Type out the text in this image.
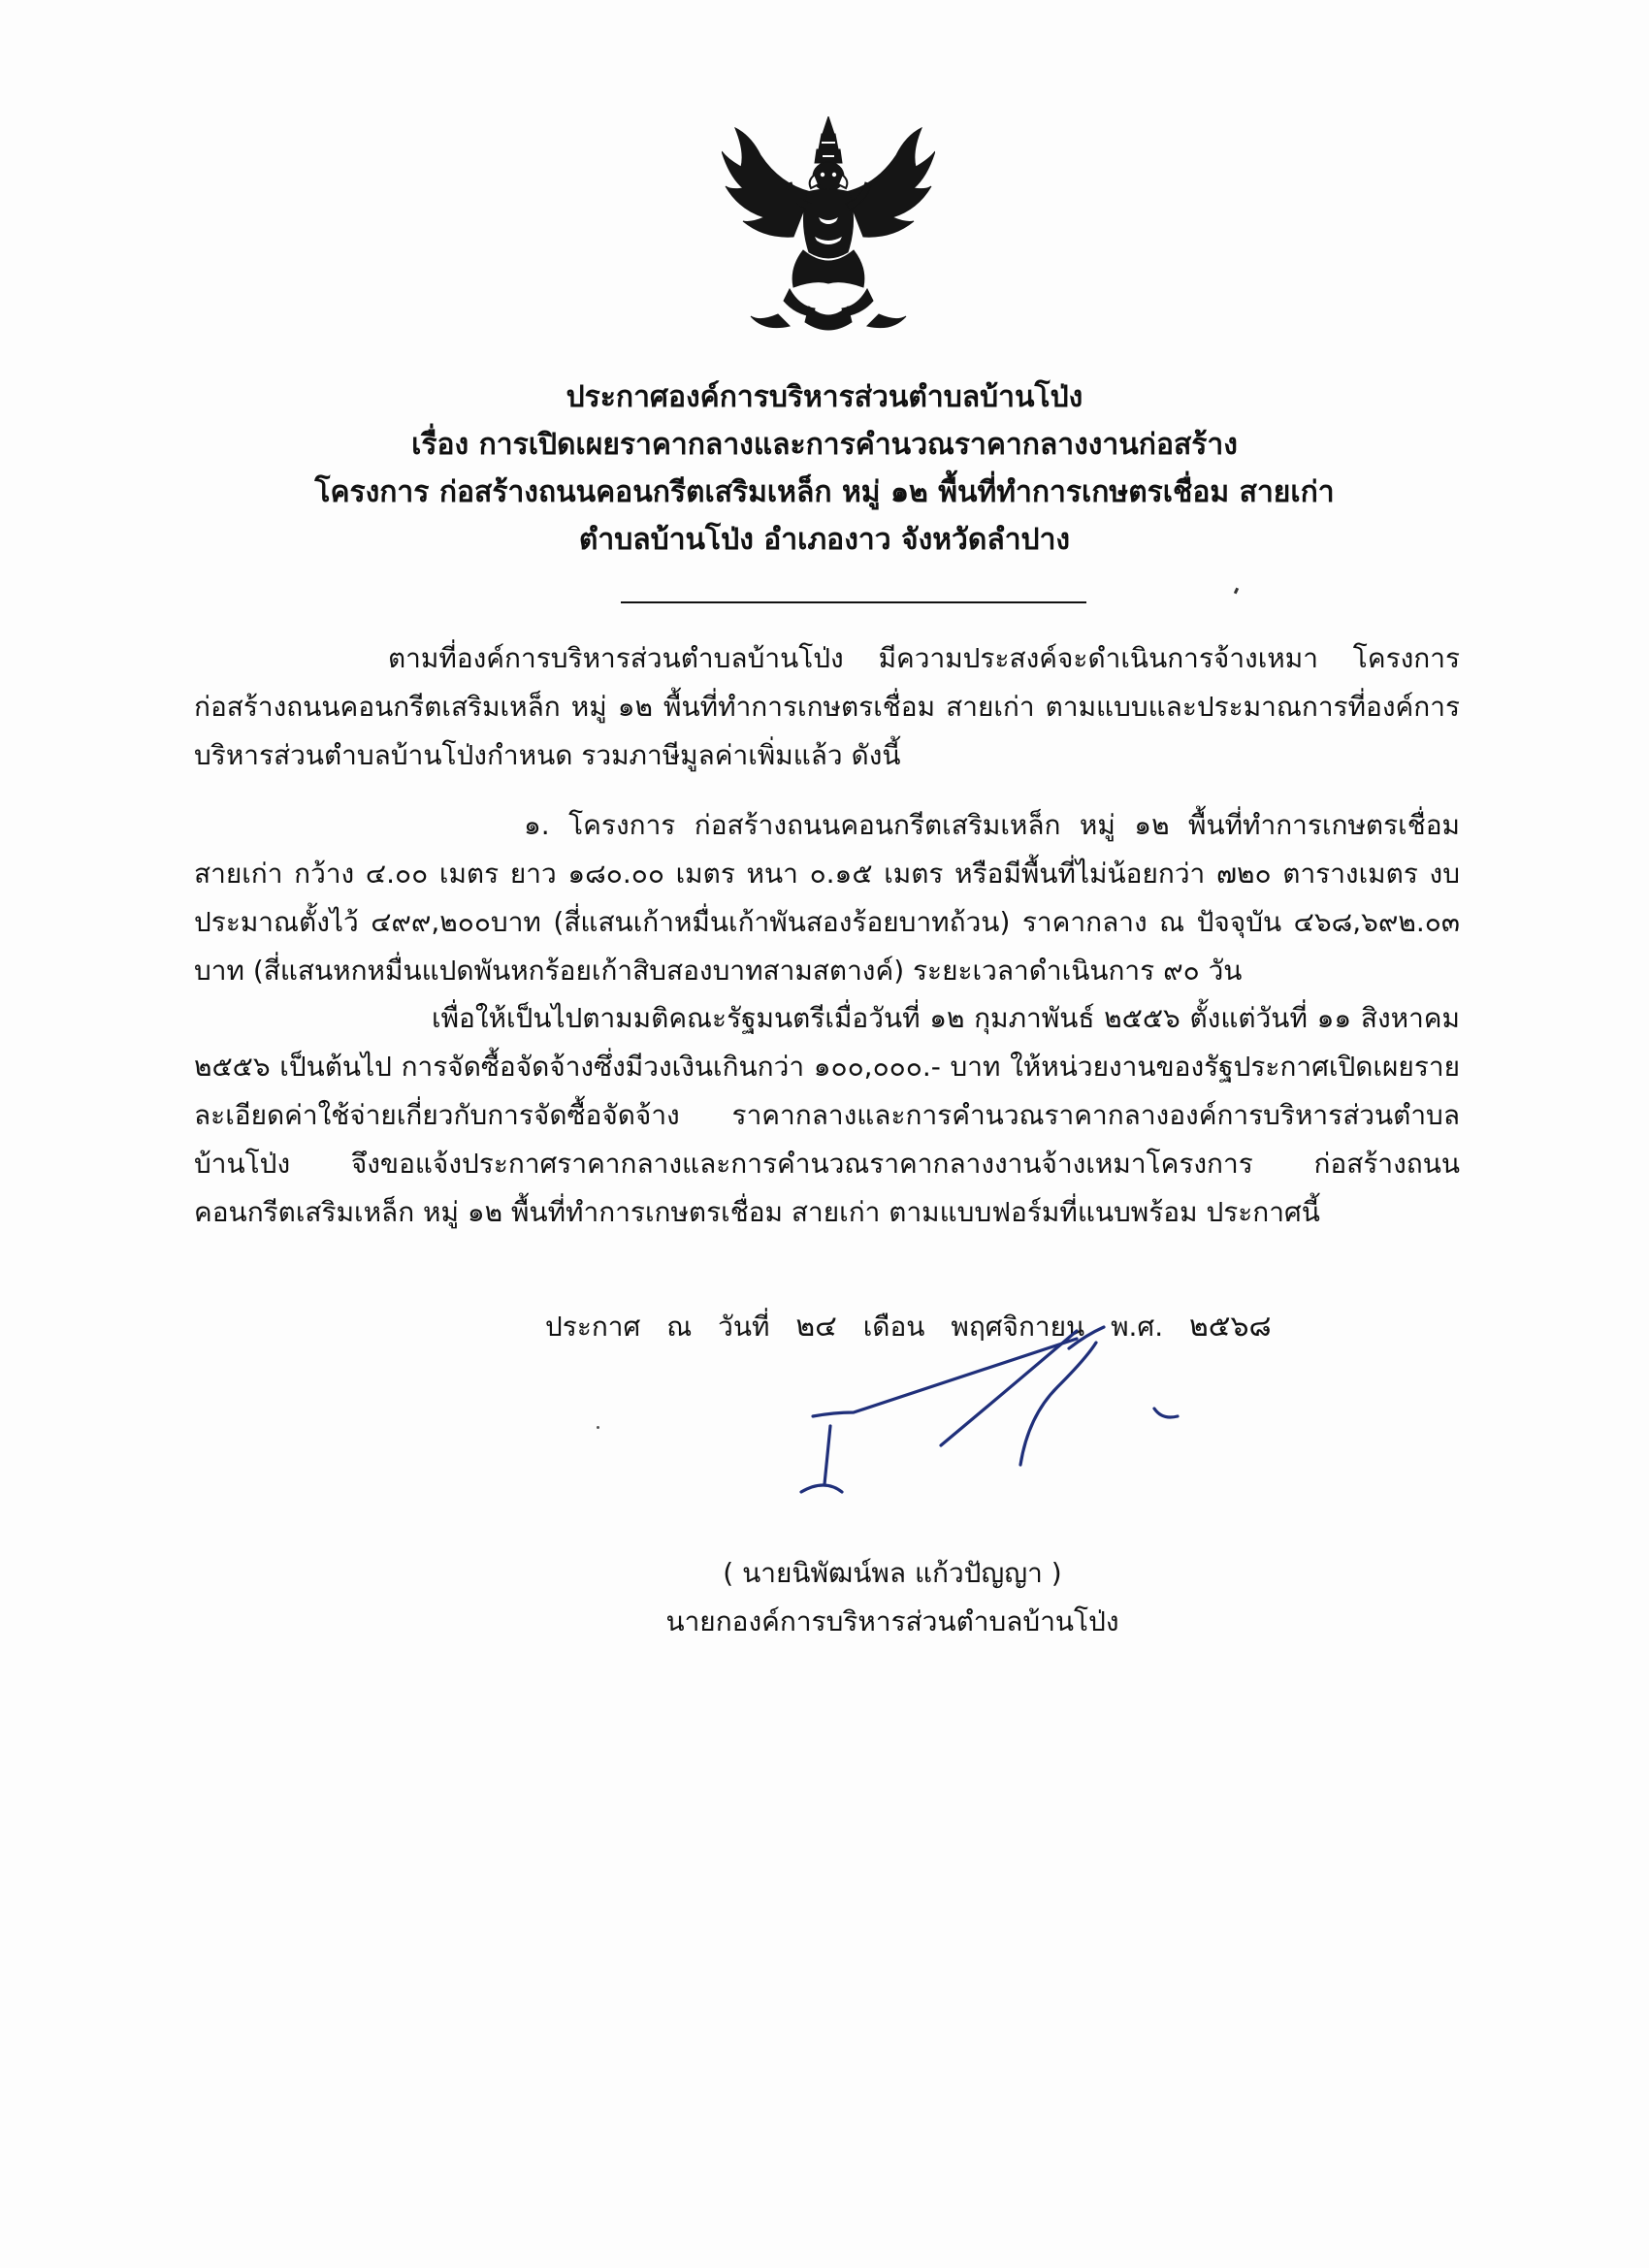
ประกาศองค์การบริหารส่วนตำบลบ้านโป่ง
เรื่อง การเปิดเผยราคากลางและการคำนวณราคากลางงานก่อสร้าง
โครงการ ก่อสร้างถนนคอนกรีตเสริมเหล็ก หมู่ ๑๒ พื้นที่ทำการเกษตรเชื่อม สายเก่า
ตำบลบ้านโป่ง อำเภองาว จังหวัดลำปาง
ตามที่องค์การบริหารส่วนตำบลบ้านโป่ง มีความประสงค์จะดำเนินการจ้างเหมา โครงการ ก่อสร้างถนนคอนกรีตเสริมเหล็ก หมู่ ๑๒ พื้นที่ทำการเกษตรเชื่อม สายเก่า ตามแบบและประมาณการที่องค์การบริหารส่วนตำบลบ้านโป่งกำหนด รวมภาษีมูลค่าเพิ่มแล้ว ดังนี้
๑. โครงการ ก่อสร้างถนนคอนกรีตเสริมเหล็ก หมู่ ๑๒ พื้นที่ทำการเกษตรเชื่อม สายเก่า กว้าง ๔.๐๐ เมตร ยาว ๑๘๐.๐๐ เมตร หนา ๐.๑๕ เมตร หรือมีพื้นที่ไม่น้อยกว่า ๗๒๐ ตารางเมตร งบประมาณตั้งไว้ ๔๙๙,๒๐๐บาท (สี่แสนเก้าหมื่นเก้าพันสองร้อยบาทถ้วน) ราคากลาง ณ ปัจจุบัน ๔๖๘,๖๙๒.๐๓ บาท (สี่แสนหกหมื่นแปดพันหกร้อยเก้าสิบสองบาทสามสตางค์) ระยะเวลาดำเนินการ ๙๐ วัน
เพื่อให้เป็นไปตามมติคณะรัฐมนตรีเมื่อวันที่ ๑๒ กุมภาพันธ์ ๒๕๕๖ ตั้งแต่วันที่ ๑๑ สิงหาคม ๒๕๕๖ เป็นต้นไป การจัดซื้อจัดจ้างซึ่งมีวงเงินเกินกว่า ๑๐๐,๐๐๐.- บาท ให้หน่วยงานของรัฐประกาศเปิดเผยรายละเอียดค่าใช้จ่ายเกี่ยวกับการจัดซื้อจัดจ้าง ราคากลางและการคำนวณราคากลางองค์การบริหารส่วนตำบลบ้านโป่ง จึงขอแจ้งประกาศราคากลางและการคำนวณราคากลางงานจ้างเหมาโครงการ ก่อสร้างถนนคอนกรีตเสริมเหล็ก หมู่ ๑๒ พื้นที่ทำการเกษตรเชื่อม สายเก่า ตามแบบฟอร์มที่แนบพร้อม ประกาศนี้
ประกาศ ณ วันที่ ๒๔ เดือน พฤศจิกายน พ.ศ. ๒๕๖๘
( นายนิพัฒน์พล แก้วปัญญา )
นายกองค์การบริหารส่วนตำบลบ้านโป่ง
